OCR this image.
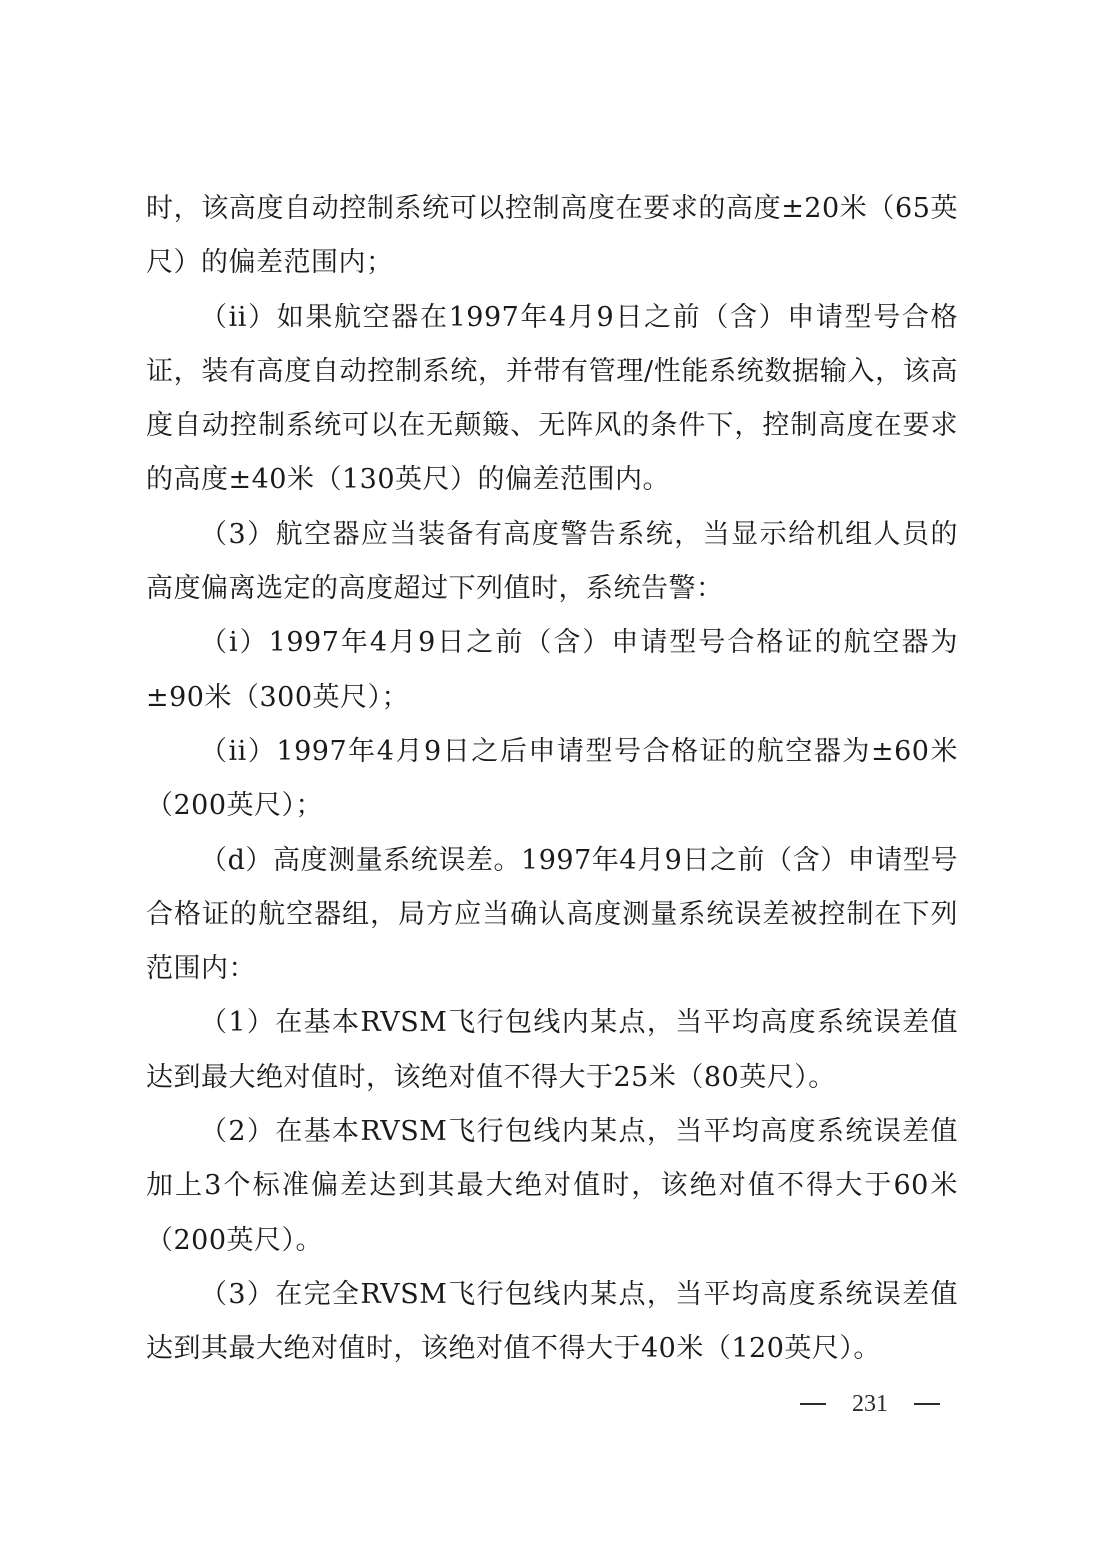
时，该高度自动控制系统可以控制高度在要求的高度±20米（65英尺）的偏差范围内；

（ii）如果航空器在1997年4月9日之前（含）申请型号合格证，装有高度自动控制系统，并带有管理/性能系统数据输入，该高度自动控制系统可以在无颠簸、无阵风的条件下，控制高度在要求的高度±40米（130英尺）的偏差范围内。

（3）航空器应当装备有高度警告系统，当显示给机组人员的高度偏离选定的高度超过下列值时，系统告警：

（i）1997年4月9日之前（含）申请型号合格证的航空器为±90米（300英尺）；

（ii）1997年4月9日之后申请型号合格证的航空器为±60米（200英尺）；

（d）高度测量系统误差。1997年4月9日之前（含）申请型号合格证的航空器组，局方应当确认高度测量系统误差被控制在下列范围内：

（1）在基本RVSM飞行包线内某点，当平均高度系统误差值达到最大绝对值时，该绝对值不得大于25米（80英尺）。

（2）在基本RVSM飞行包线内某点，当平均高度系统误差值加上3个标准偏差达到其最大绝对值时，该绝对值不得大于60米（200英尺）。

（3）在完全RVSM飞行包线内某点，当平均高度系统误差值达到其最大绝对值时，该绝对值不得大于40米（120英尺）。

231
